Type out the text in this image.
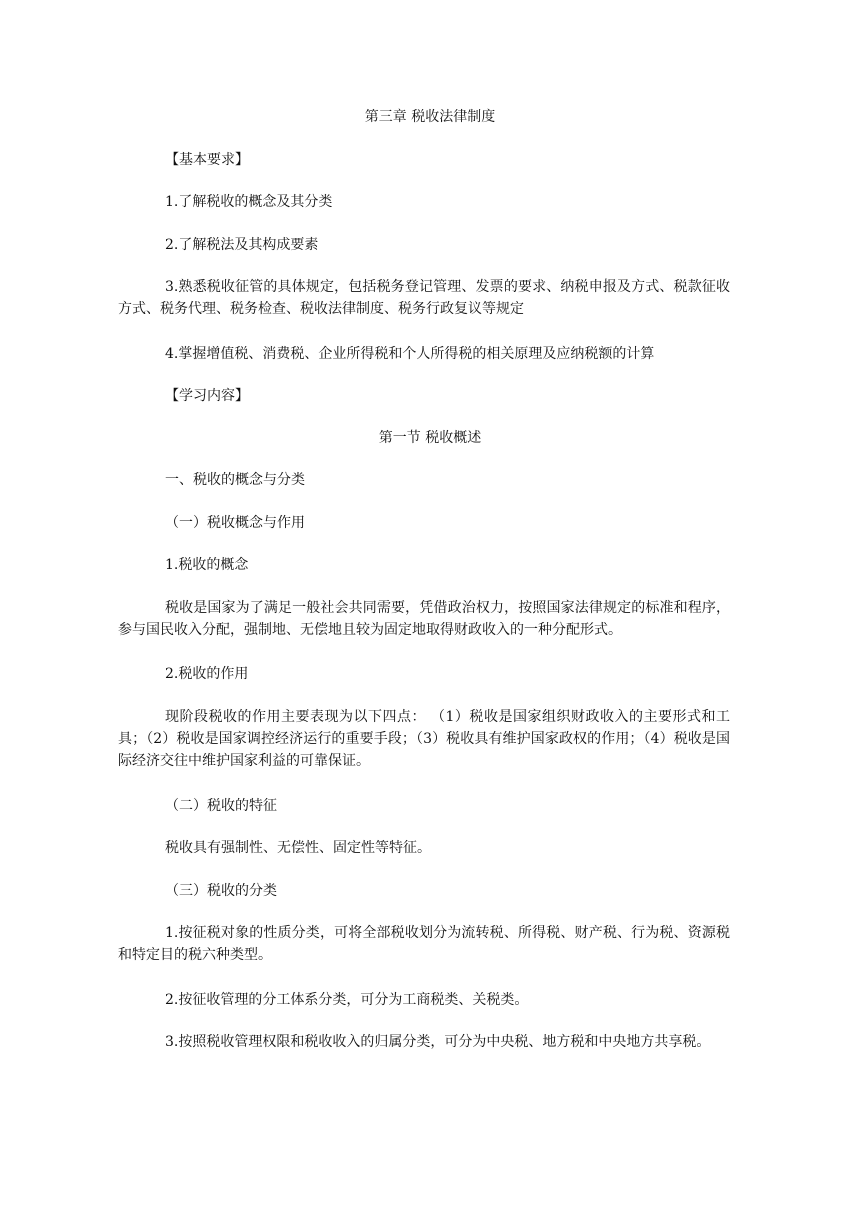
第三章 税收法律制度
【基本要求】
1.了解税收的概念及其分类
2.了解税法及其构成要素
3.熟悉税收征管的具体规定，包括税务登记管理、发票的要求、纳税申报及方式、税款征收方式、税务代理、税务检查、税收法律制度、税务行政复议等规定
4.掌握增值税、消费税、企业所得税和个人所得税的相关原理及应纳税额的计算
【学习内容】
第一节 税收概述
一、税收的概念与分类
（一）税收概念与作用
1.税收的概念
税收是国家为了满足一般社会共同需要，凭借政治权力，按照国家法律规定的标准和程序，参与国民收入分配，强制地、无偿地且较为固定地取得财政收入的一种分配形式。
2.税收的作用
现阶段税收的作用主要表现为以下四点： （1）税收是国家组织财政收入的主要形式和工具；（2）税收是国家调控经济运行的重要手段；（3）税收具有维护国家政权的作用；（4）税收是国际经济交往中维护国家利益的可靠保证。
（二）税收的特征
税收具有强制性、无偿性、固定性等特征。
（三）税收的分类
1.按征税对象的性质分类，可将全部税收划分为流转税、所得税、财产税、行为税、资源税和特定目的税六种类型。
2.按征收管理的分工体系分类，可分为工商税类、关税类。
3.按照税收管理权限和税收收入的归属分类，可分为中央税、地方税和中央地方共享税。
